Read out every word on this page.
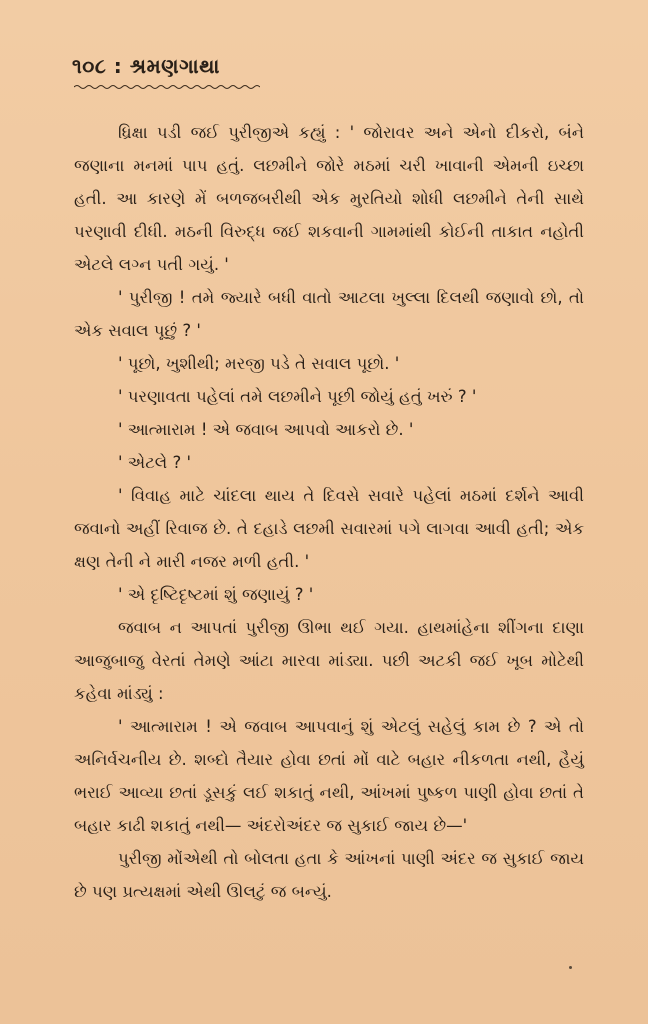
૧૦૮ : શ્રમણગાથા

ધ્રિક્ષા પડી જઈ પુરીજીએ કહ્યું : ' જોરાવર અને એનો દીકરો, બંને જણાના મનમાં પાપ હતું. લછમીને જોરે મઠમાં ચરી ખાવાની એમની ઇચ્છા હતી. આ કારણે મેં બળજબરીથી એક મુરતિયો શોધી લછમીને તેની સાથે પરણાવી દીધી. મઠની વિરુદ્ધ જઈ શકવાની ગામમાંથી કોઈની તાકાત નહોતી એટલે લગ્ન પતી ગયું. '

' પુરીજી ! તમે જ્યારે બધી વાતો આટલા ખુલ્લા દિલથી જણાવો છો, તો એક સવાલ પૂછું ? '

' પૂછો, ખુશીથી; મરજી પડે તે સવાલ પૂછો. '

' પરણાવતા પહેલાં તમે લછમીને પૂછી જોયું હતું ખરું ? '

' આત્મારામ ! એ જવાબ આપવો આકરો છે. '

' એટલે ? '

' વિવાહ માટે ચાંદલા થાય તે દિવસે સવારે પહેલાં મઠમાં દર્શને આવી જવાનો અહીં રિવાજ છે. તે દહાડે લછમી સવારમાં પગે લાગવા આવી હતી; એક ક્ષણ તેની ને મારી નજર મળી હતી. '

' એ દૃષ્ટિદૃષ્ટમાં શું જણાયું ? '

જવાબ ન આપતાં પુરીજી ઊભા થઈ ગયા. હાથમાંહેના શીંગના દાણા આજુબાજુ વેરતાં તેમણે આંટા મારવા માંડ્યા. પછી અટકી જઈ ખૂબ મોટેથી કહેવા માંડ્યું :

' આત્મારામ ! એ જવાબ આપવાનું શું એટલું સહેલું કામ છે ? એ તો અનિર્વચનીય છે. શબ્દો તૈયાર હોવા છતાં મોં વાટે બહાર નીકળતા નથી, હૈયું ભરાઈ આવ્યા છતાં ડૂસકું લઈ શકાતું નથી, આંખમાં પુષ્કળ પાણી હોવા છતાં તે બહાર કાઢી શકાતું નથી— અંદરોઅંદર જ સુકાઈ જાય છે—'

પુરીજી મોંએથી તો બોલતા હતા કે આંખનાં પાણી અંદર જ સુકાઈ જાય છે પણ પ્રત્યક્ષમાં એથી ઊલટું જ બન્યું.
